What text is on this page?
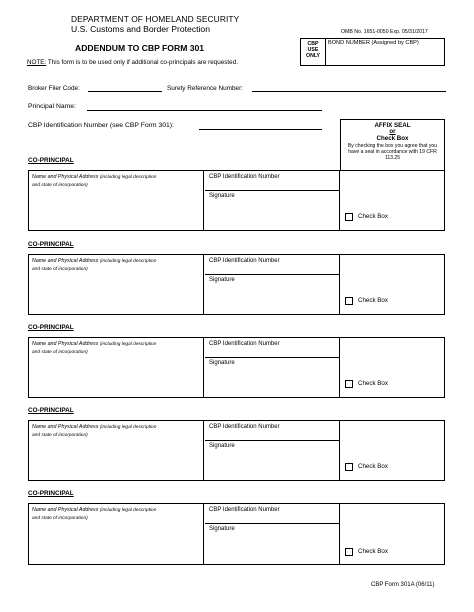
DEPARTMENT OF HOMELAND SECURITY
U.S. Customs and Border Protection	OMB No. 1651-0050 Exp. 05/31/2017
ADDENDUM TO CBP FORM 301
NOTE: This form is to be used only if additional co-principals are requested.
CBP
USE
ONLY
BOND NUMBER (Assigned by CBP)
Broker Filer Code:	Surety Reference Number:
Principal Name:
CBP Identification Number (see CBP Form 301):	AFFIX SEAL
or
Check Box
By checking the box you agree that you have a seal in accordance with 19 CFR 113.25
CO-PRINCIPAL
Name and Physical Address (including legal description
and state of incorporation)
CBP Identification Number
Signature
Check Box
CO-PRINCIPAL
Name and Physical Address (including legal description
and state of incorporation)
CBP Identification Number
Signature
Check Box
CO-PRINCIPAL
Name and Physical Address (including legal description
and state of incorporation)
CBP Identification Number
Signature
Check Box
CO-PRINCIPAL
Name and Physical Address (including legal description
and state of incorporation)
CBP Identification Number
Signature
Check Box
CO-PRINCIPAL
Name and Physical Address (including legal description
and state of incorporation)
CBP Identification Number
Signature
Check Box
CBP Form 301A (06/11)
